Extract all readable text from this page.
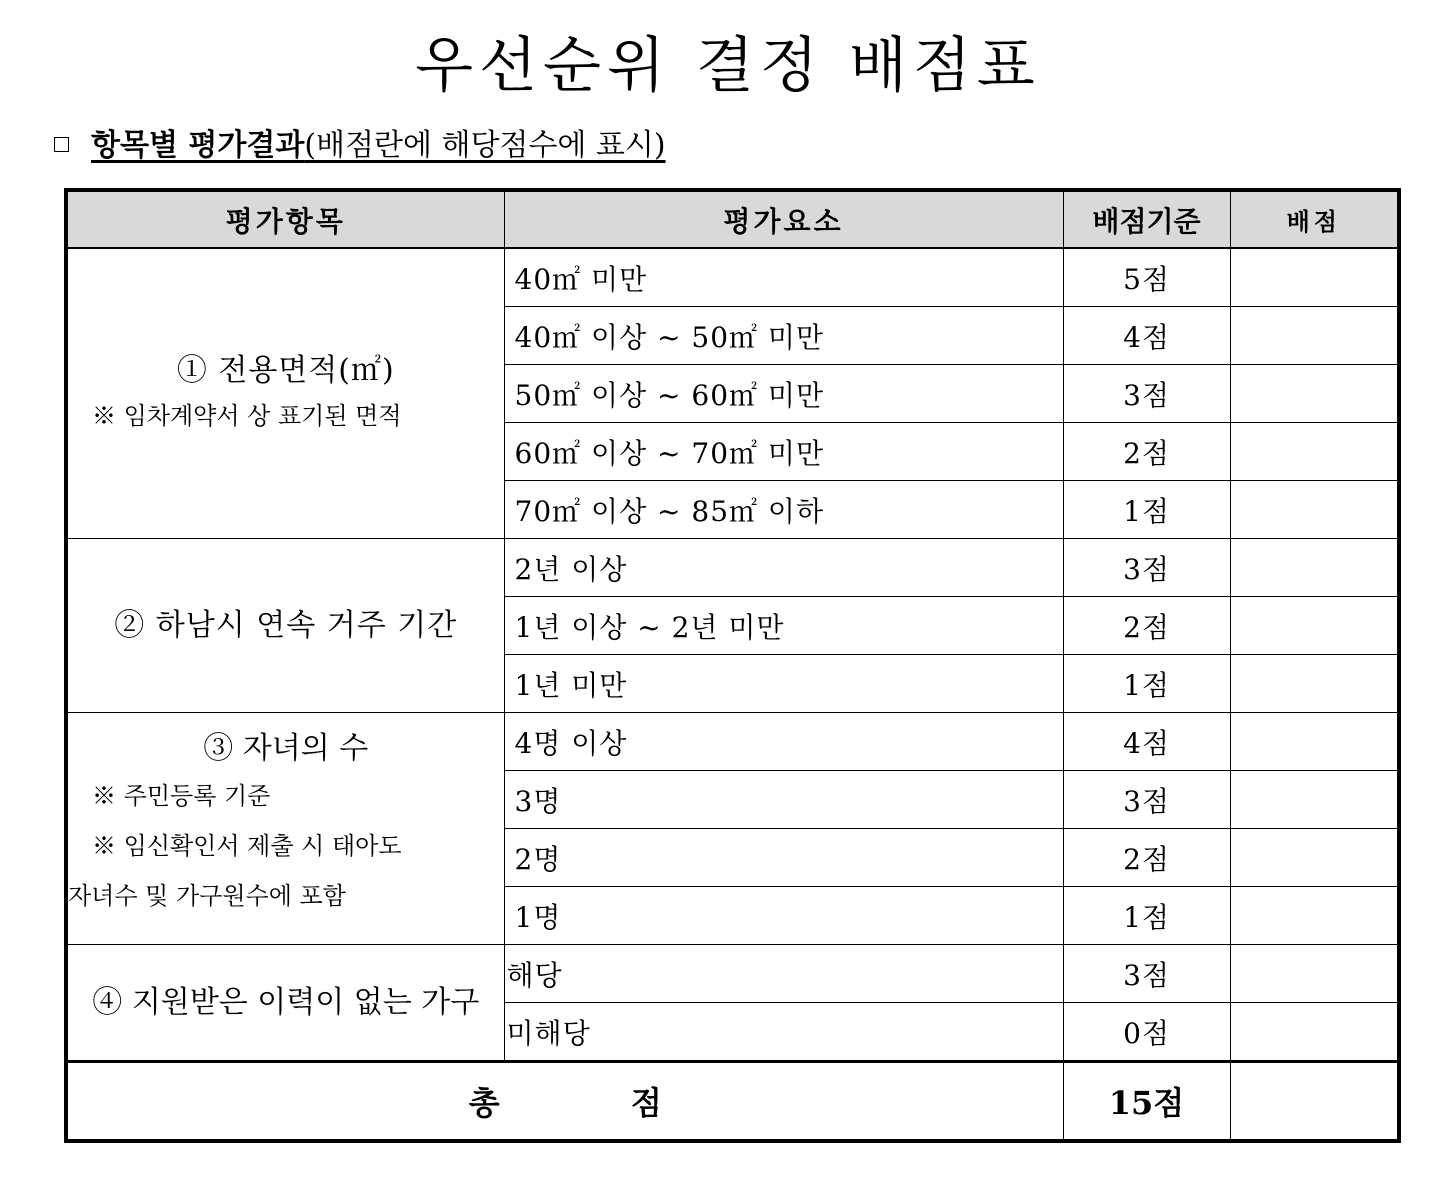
우선순위 결정 배점표
항목별 평가결과(배점란에 해당점수에 표시)
평가항목	평가요소	배점기준	배점

① 전용면적(㎡)
※ 임차계약서 상 표기된 면적	40㎡ 미만	5점	
	40㎡ 이상 ~ 50㎡ 미만	4점	
	50㎡ 이상 ~ 60㎡ 미만	3점	
	60㎡ 이상 ~ 70㎡ 미만	2점	
	70㎡ 이상 ~ 85㎡ 이하	1점	

② 하남시 연속 거주 기간	2년 이상	3점	
	1년 이상 ~ 2년 미만	2점	
	1년 미만	1점	

③ 자녀의 수
※ 주민등록 기준
※ 임신확인서 제출 시 태아도
자녀수 및 가구원수에 포함	4명 이상	4점	
	3명	3점	
	2명	2점	
	1명	1점	

④ 지원받은 이력이 없는 가구	해당	3점	
	미해당	0점	
총 점		15점	
